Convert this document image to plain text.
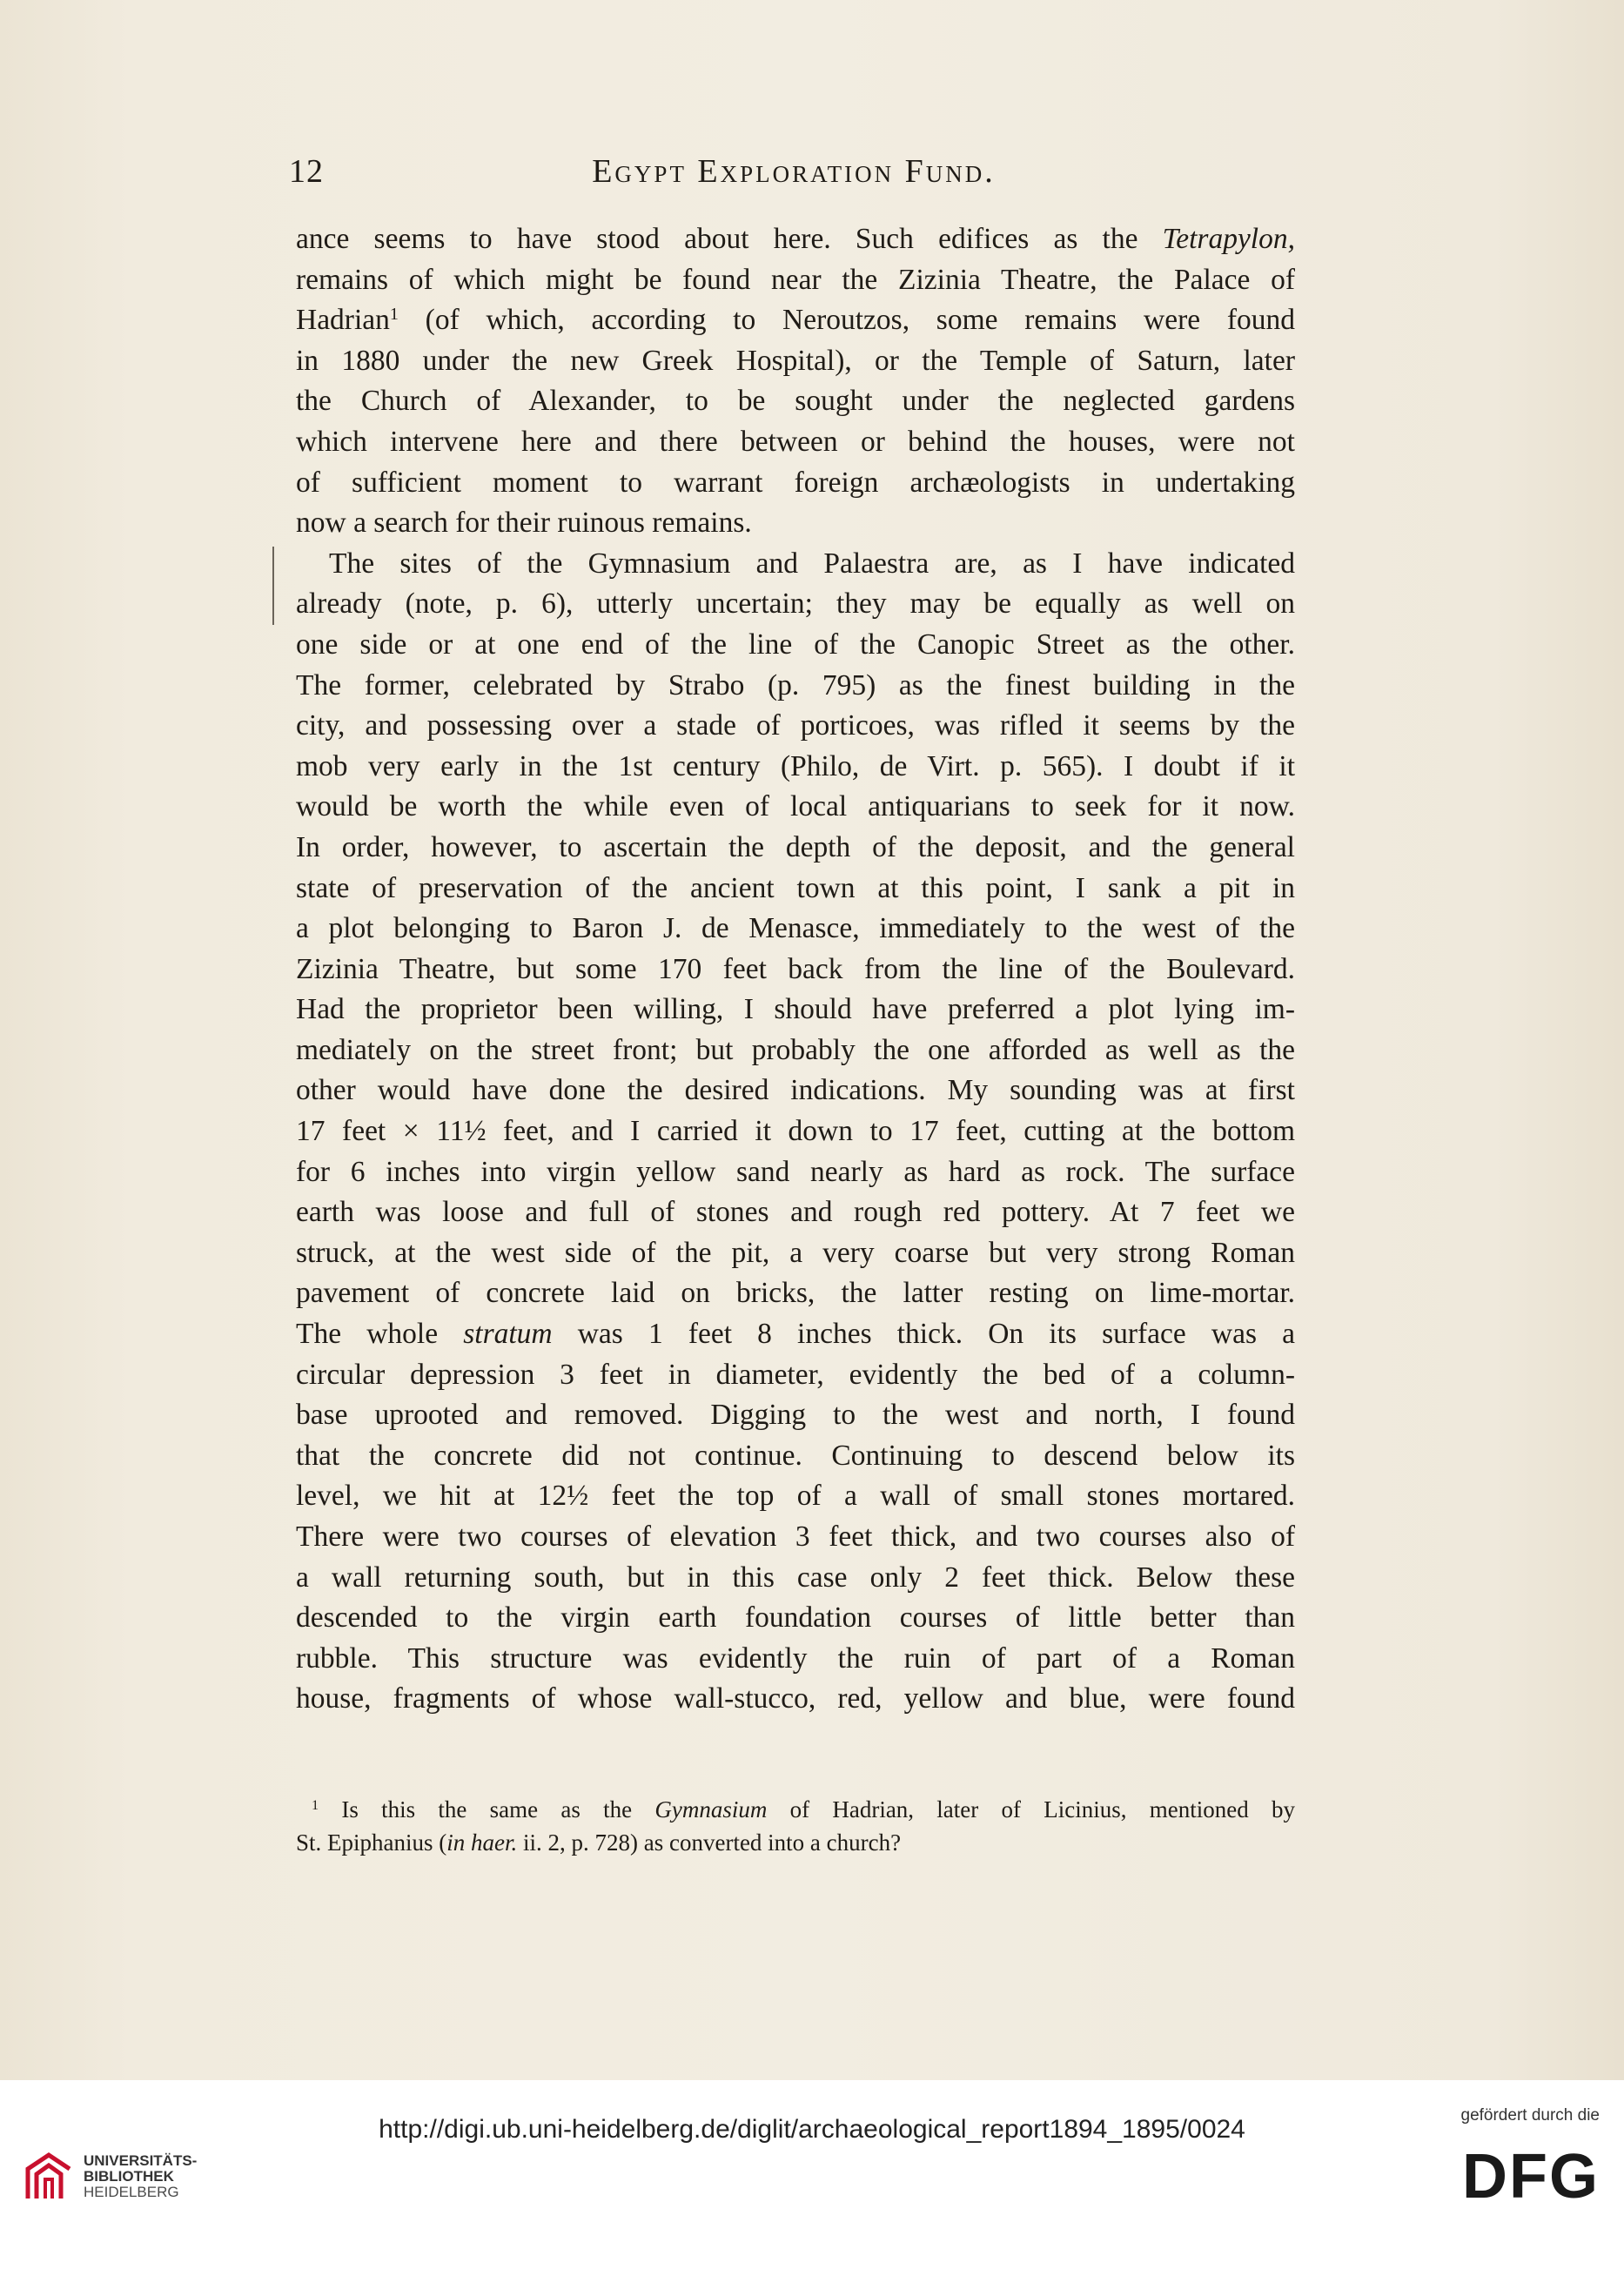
12	Egypt Exploration Fund.
ance seems to have stood about here. Such edifices as the Tetrapylon,
remains of which might be found near the Zizinia Theatre, the Palace of
Hadrian$^1$ (of which, according to Neroutzos, some remains were found
in 1880 under the new Greek Hospital), or the Temple of Saturn, later
the Church of Alexander, to be sought under the neglected gardens
which intervene here and there between or behind the houses, were not
of sufficient moment to warrant foreign archæologists in undertaking
now a search for their ruinous remains.
The sites of the Gymnasium and Palaestra are, as I have indicated
already (note, p. 6), utterly uncertain; they may be equally as well on
one side or at one end of the line of the Canopic Street as the other.
The former, celebrated by Strabo (p. 795) as the finest building in the
city, and possessing over a stade of porticoes, was rifled it seems by the
mob very early in the 1st century (Philo, de Virt. p. 565). I doubt if it
would be worth the while even of local antiquarians to seek for it now.
In order, however, to ascertain the depth of the deposit, and the general
state of preservation of the ancient town at this point, I sank a pit in
a plot belonging to Baron J. de Menasce, immediately to the west of the
Zizinia Theatre, but some 170 feet back from the line of the Boulevard.
Had the proprietor been willing, I should have preferred a plot lying im-
mediately on the street front; but probably the one afforded as well as the
other would have done the desired indications. My sounding was at first
17 feet × 11½ feet, and I carried it down to 17 feet, cutting at the bottom
for 6 inches into virgin yellow sand nearly as hard as rock. The surface
earth was loose and full of stones and rough red pottery. At 7 feet we
struck, at the west side of the pit, a very coarse but very strong Roman
pavement of concrete laid on bricks, the latter resting on lime-mortar.
The whole stratum was 1 feet 8 inches thick. On its surface was a
circular depression 3 feet in diameter, evidently the bed of a column-
base uprooted and removed. Digging to the west and north, I found
that the concrete did not continue. Continuing to descend below its
level, we hit at 12½ feet the top of a wall of small stones mortared.
There were two courses of elevation 3 feet thick, and two courses also of
a wall returning south, but in this case only 2 feet thick. Below these
descended to the virgin earth foundation courses of little better than
rubble. This structure was evidently the ruin of part of a Roman
house, fragments of whose wall-stucco, red, yellow and blue, were found
$^1$ Is this the same as the Gymnasium of Hadrian, later of Licinius, mentioned by
St. Epiphanius (in haer. ii. 2, p. 728) as converted into a church?
UNIVERSITÄTS-
BIBLIOTHEK
HEIDELBERG
gefördert durch die
DFG
http://digi.ub.uni-heidelberg.de/diglit/archaeological_report1894_1895/0024
